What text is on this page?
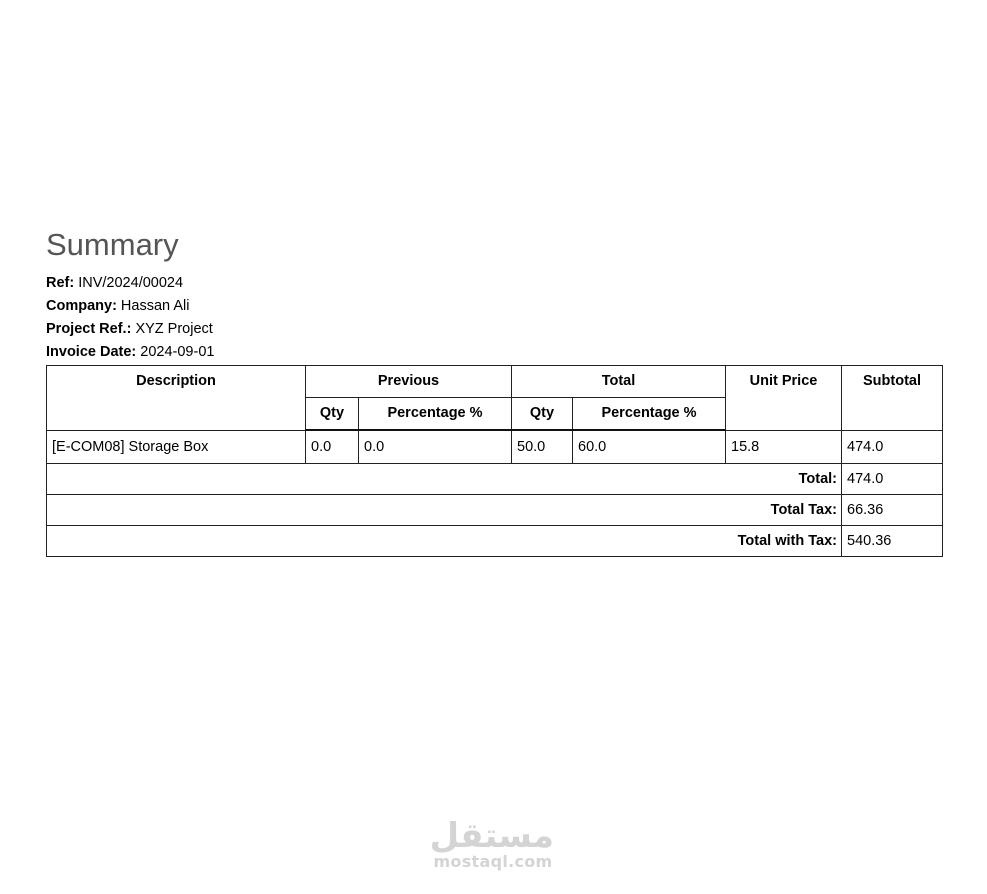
Summary
Ref: INV/2024/00024
Company: Hassan Ali
Project Ref.: XYZ Project
Invoice Date: 2024-09-01
Description	Previous		Total		Unit Price	Subtotal
	Qty	Percentage %	Qty	Percentage %		
[E-COM08] Storage Box	0.0	0.0	50.0	60.0	15.8	474.0
Total:						474.0
Total Tax:						66.36
Total with Tax:						540.36
مستقل
mostaql.com
